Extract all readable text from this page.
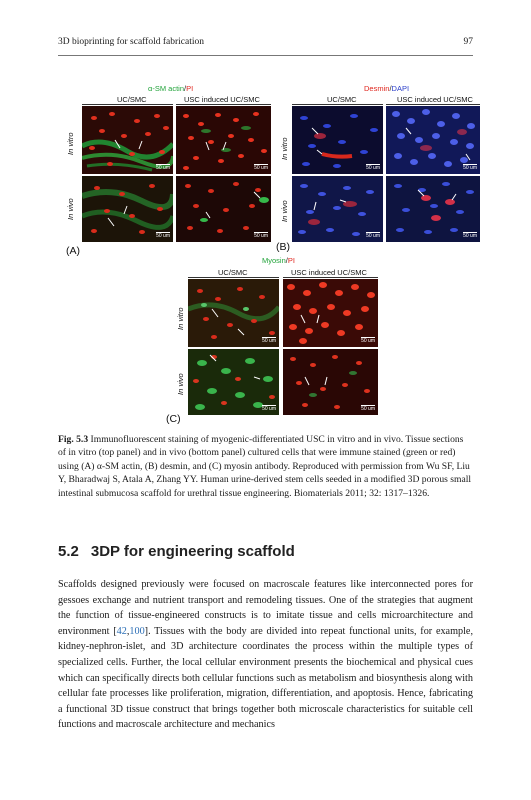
3D bioprinting for scaffold fabrication	97
α-SM actin/PI
UC/SMC	USC induced UC/SMC
In vitro
In vivo
50 um	50 um
50 um	50 um
(A)
Desmin/DAPI
UC/SMC	USC induced UC/SMC
In vitro
In vivo
50 um	50 um
50 um	50 um
(B)
Myosin/PI
UC/SMC	USC induced UC/SMC
In vitro
In vivo
50 um	50 um
50 um	50 um
(C)
Fig. 5.3 Immunofluorescent staining of myogenic-differentiated USC in vitro and in vivo. Tissue sections of in vitro (top panel) and in vivo (bottom panel) cultured cells that were immune stained (green or red) using (A) α-SM actin, (B) desmin, and (C) myosin antibody. Reproduced with permission from Wu SF, Liu Y, Bharadwaj S, Atala A, Zhang YY. Human urine-derived stem cells seeded in a modified 3D porous small intestinal submucosa scaffold for urethral tissue engineering. Biomaterials 2011; 32: 1317–1326.
5.2 3DP for engineering scaffold
Scaffolds designed previously were focused on macroscale features like interconnected pores for gessoes exchange and nutrient transport and remodeling tissues. One of the strategies that augment the function of tissue-engineered constructs is to imitate tissue and cells microarchitecture and environment [42,100]. Tissues with the body are divided into repeat functional units, for example, kidney-nephron-islet, and 3D architecture coordinates the process within the multiple types of specialized cells. Further, the local cellular environment presents the biochemical and physical cues which can specifically directs both cellular functions such as metabolism and biosynthesis along with cellular fate processes like proliferation, migration, differentiation, and apoptosis. Hence, fabricating a functional 3D tissue construct that brings together both microscale characteristics for suitable cell functions and macroscale architecture and mechanics
